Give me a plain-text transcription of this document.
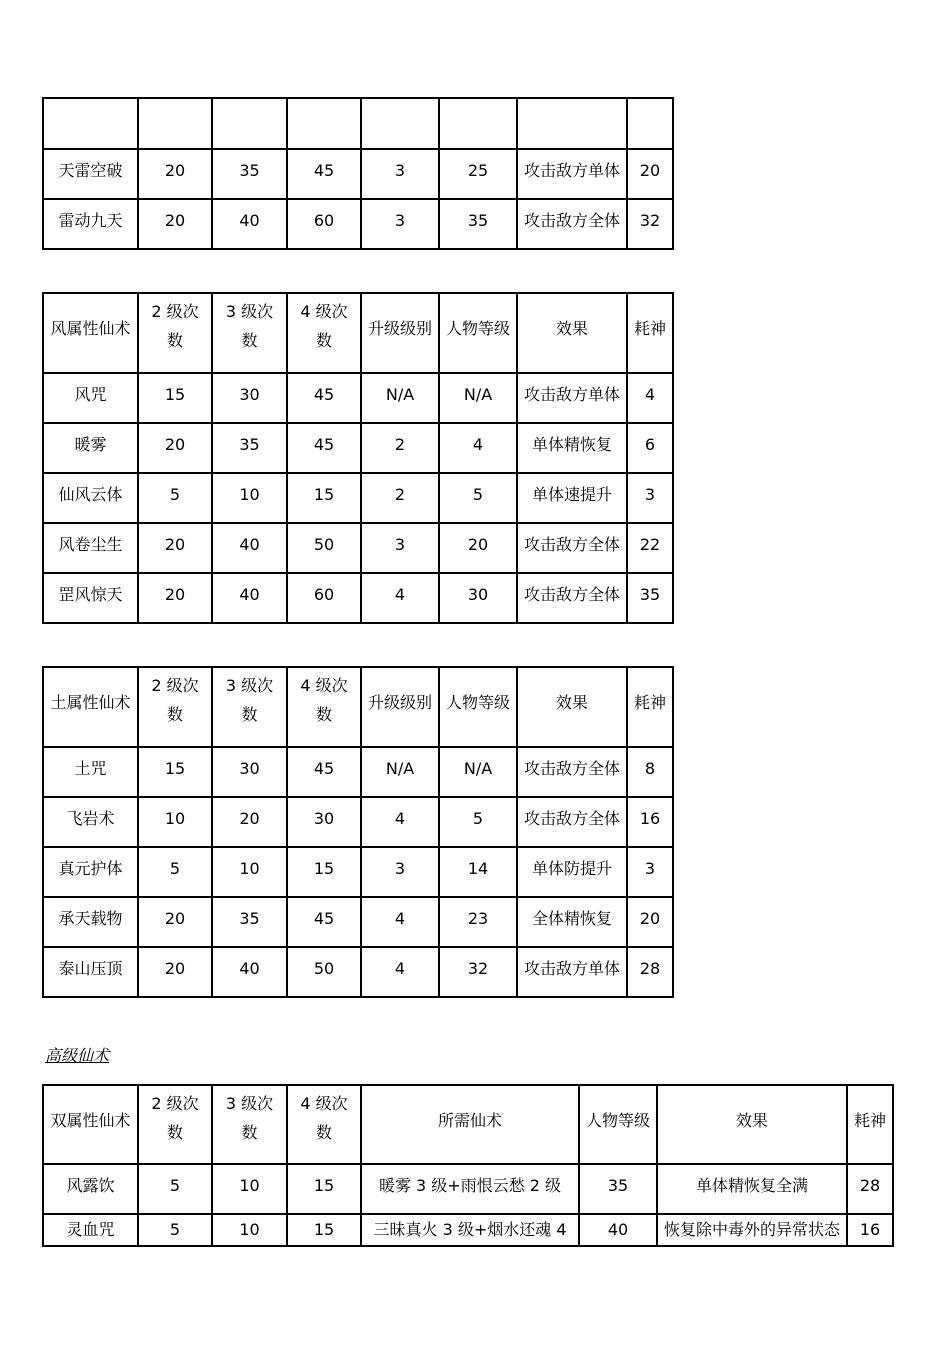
天雷空破	20	35	45	3	25	攻击敌方单体	20
雷动九天	20	40	60	3	35	攻击敌方全体	32
风属性仙术	2 级次数	3 级次数	4 级次数	升级级别	人物等级	效果	耗神
风咒	15	30	45	N/A	N/A	攻击敌方单体	4
暖雾	20	35	45	2	4	单体精恢复	6
仙风云体	5	10	15	2	5	单体速提升	3
风卷尘生	20	40	50	3	20	攻击敌方全体	22
罡风惊天	20	40	60	4	30	攻击敌方全体	35
土属性仙术	2 级次数	3 级次数	4 级次数	升级级别	人物等级	效果	耗神
土咒	15	30	45	N/A	N/A	攻击敌方全体	8
飞岩术	10	20	30	4	5	攻击敌方全体	16
真元护体	5	10	15	3	14	单体防提升	3
承天载物	20	35	45	4	23	全体精恢复	20
泰山压顶	20	40	50	4	32	攻击敌方单体	28
高级仙术
双属性仙术	2 级次数	3 级次数	4 级次数	所需仙术	人物等级	效果	耗神
风露饮	5	10	15	暖雾 3 级+雨恨云愁 2 级	35	单体精恢复全满	28
灵血咒	5	10	15	三昧真火 3 级+烟水还魂 4	40	恢复除中毒外的异常状态	16
